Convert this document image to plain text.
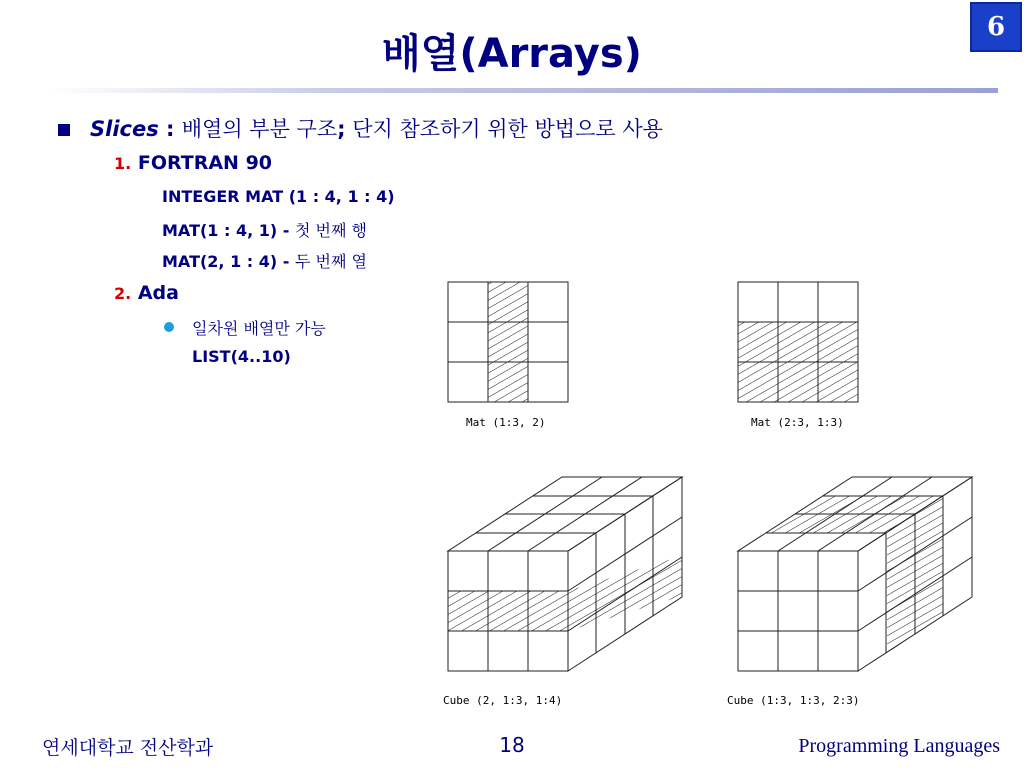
배열(Arrays)
6
Slices : 배열의 부분 구조; 단지 참조하기 위한 방법으로 사용
1. FORTRAN 90
INTEGER MAT (1 : 4, 1 : 4)
MAT(1 : 4, 1) - 첫 번째 행
MAT(2, 1 : 4) - 두 번째 열
2. Ada
일차원 배열만 가능
LIST(4..10)
Mat (1:3, 2)	Mat (2:3, 1:3)
Cube (2, 1:3, 1:4)	Cube (1:3, 1:3, 2:3)
연세대학교 전산학과	18	Programming Languages
